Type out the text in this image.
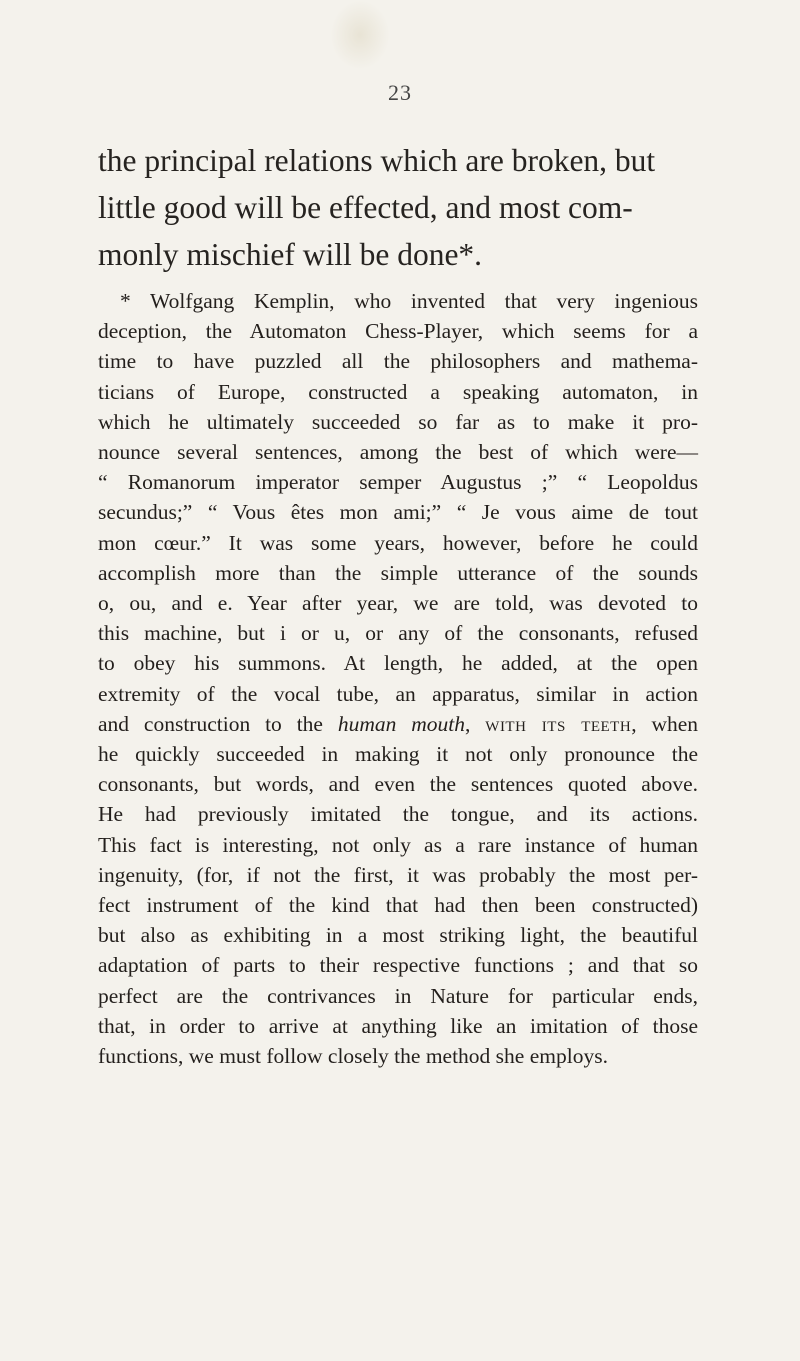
23
the principal relations which are broken, but
little good will be effected, and most com-
monly mischief will be done*.
* Wolfgang Kemplin, who invented that very ingenious
deception, the Automaton Chess-Player, which seems for a
time to have puzzled all the philosophers and mathema-
ticians of Europe, constructed a speaking automaton, in
which he ultimately succeeded so far as to make it pro-
nounce several sentences, among the best of which were—
“ Romanorum imperator semper Augustus ;” “ Leopoldus
secundus;” “ Vous êtes mon ami;” “ Je vous aime de tout
mon cœur.” It was some years, however, before he could
accomplish more than the simple utterance of the sounds
o, ou, and e. Year after year, we are told, was devoted to
this machine, but i or u, or any of the consonants, refused
to obey his summons. At length, he added, at the open
extremity of the vocal tube, an apparatus, similar in action
and construction to the human mouth, with its teeth, when
he quickly succeeded in making it not only pronounce the
consonants, but words, and even the sentences quoted above.
He had previously imitated the tongue, and its actions.
This fact is interesting, not only as a rare instance of human
ingenuity, (for, if not the first, it was probably the most per-
fect instrument of the kind that had then been constructed)
but also as exhibiting in a most striking light, the beautiful
adaptation of parts to their respective functions ; and that so
perfect are the contrivances in Nature for particular ends,
that, in order to arrive at anything like an imitation of those
functions, we must follow closely the method she employs.
